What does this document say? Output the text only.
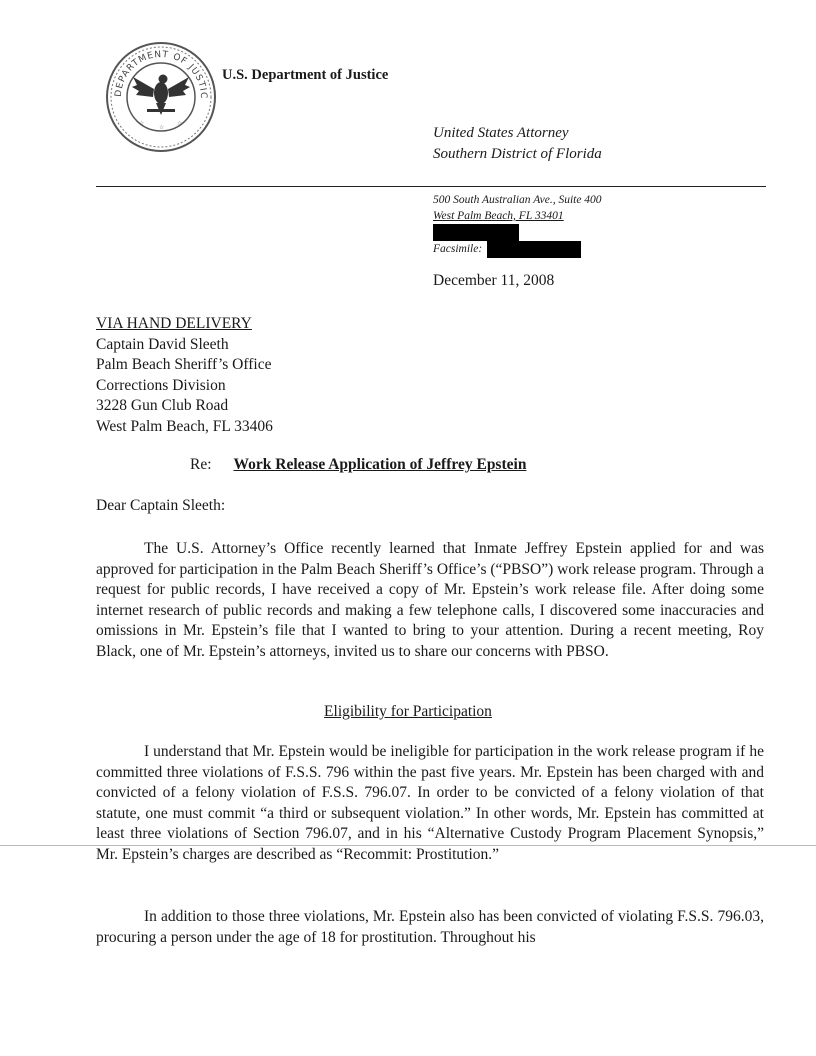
DEPARTMENT OF JUSTIC
☆
☆
☆
U.S. Department of Justice
United States Attorney
Southern District of Florida
500 South Australian Ave., Suite 400
West Palm Beach, FL 33401
Facsimile:
December 11, 2008
VIA HAND DELIVERY
Captain David Sleeth
Palm Beach Sheriff’s Office
Corrections Division
3228 Gun Club Road
West Palm Beach, FL 33406
Re: Work Release Application of Jeffrey Epstein
Dear Captain Sleeth:
The U.S. Attorney’s Office recently learned that Inmate Jeffrey Epstein applied for and was approved for participation in the Palm Beach Sheriff’s Office’s (“PBSO”) work release program. Through a request for public records, I have received a copy of Mr. Epstein’s work release file. After doing some internet research of public records and making a few telephone calls, I discovered some inaccuracies and omissions in Mr. Epstein’s file that I wanted to bring to your attention. During a recent meeting, Roy Black, one of Mr. Epstein’s attorneys, invited us to share our concerns with PBSO.
Eligibility for Participation
I understand that Mr. Epstein would be ineligible for participation in the work release program if he committed three violations of F.S.S. 796 within the past five years. Mr. Epstein has been charged with and convicted of a felony violation of F.S.S. 796.07. In order to be convicted of a felony violation of that statute, one must commit “a third or subsequent violation.” In other words, Mr. Epstein has committed at least three violations of Section 796.07, and in his “Alternative Custody Program Placement Synopsis,” Mr. Epstein’s charges are described as “Recommit: Prostitution.”
In addition to those three violations, Mr. Epstein also has been convicted of violating F.S.S. 796.03, procuring a person under the age of 18 for prostitution. Throughout his
